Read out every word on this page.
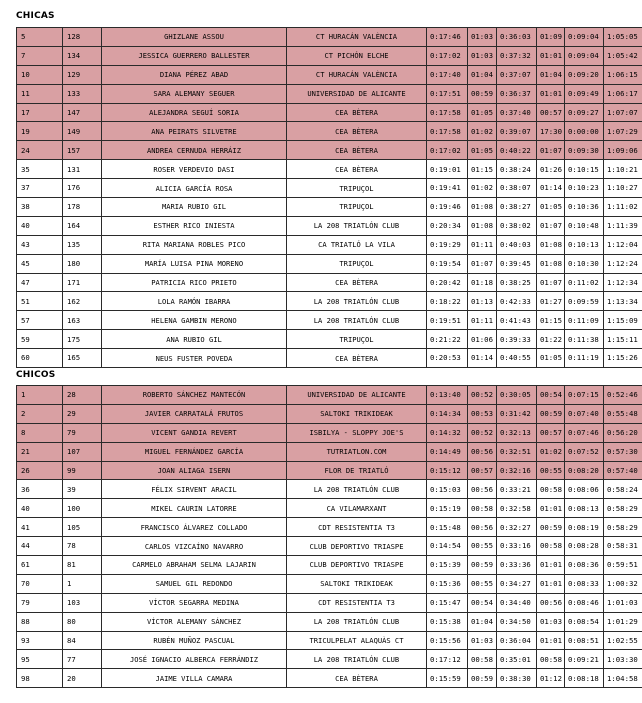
CHICAS
5	128	GHIZLANE ASSOU	CT HURACÁN VALÈNCIA	0:17:46	01:03	0:36:03	01:09	0:09:04	1:05:05
7	134	JESSICA GUERRERO BALLESTER	CT PICHÓN ELCHE	0:17:02	01:03	0:37:32	01:01	0:09:04	1:05:42
10	129	DIANA PÉREZ ABAD	CT HURACÁN VALÈNCIA	0:17:40	01:04	0:37:07	01:04	0:09:20	1:06:15
11	133	SARA ALEMANY SEGUER	UNIVERSIDAD DE ALICANTE	0:17:51	00:59	0:36:37	01:01	0:09:49	1:06:17
17	147	ALEJANDRA SEGUÍ SORIA	CEA BÈTERA	0:17:58	01:05	0:37:40	00:57	0:09:27	1:07:07
19	149	ANA PEIRATS SILVETRE	CEA BÈTERA	0:17:58	01:02	0:39:07	17:30	0:00:00	1:07:29
24	157	ANDREA CERNUDA HERRÁIZ	CEA BÈTERA	0:17:02	01:05	0:40:22	01:07	0:09:30	1:09:06
35	131	ROSER VERDEVIO DASI	CEA BÈTERA	0:19:01	01:15	0:38:24	01:26	0:10:15	1:10:21
37	176	ALICIA GARCÍA ROSA	TRIPUÇOL	0:19:41	01:02	0:38:07	01:14	0:10:23	1:10:27
38	178	MARIA RUBIO GIL	TRIPUÇOL	0:19:46	01:08	0:38:27	01:05	0:10:36	1:11:02
40	164	ESTHER RICO INIESTA	LA 208 TRIATLÓN CLUB	0:20:34	01:08	0:38:02	01:07	0:10:48	1:11:39
43	135	RITA MARIANA ROBLES PICO	CA TRIATLÓ LA VILA	0:19:29	01:11	0:40:03	01:08	0:10:13	1:12:04
45	180	MARÍA LUISA PINA MORENO	TRIPUÇOL	0:19:54	01:07	0:39:45	01:08	0:10:30	1:12:24
47	171	PATRICIA RICO PRIETO	CEA BÈTERA	0:20:42	01:18	0:38:25	01:07	0:11:02	1:12:34
51	162	LOLA RAMÓN IBARRA	LA 208 TRIATLÓN CLUB	0:18:22	01:13	0:42:33	01:27	0:09:59	1:13:34
57	163	HELENA GAMBIN MERONO	LA 208 TRIATLÓN CLUB	0:19:51	01:11	0:41:43	01:15	0:11:09	1:15:09
59	175	ANA RUBIO GIL	TRIPUÇOL	0:21:22	01:06	0:39:33	01:22	0:11:38	1:15:11
60	165	NEUS FUSTER POVEDA	CEA BÈTERA	0:20:53	01:14	0:40:55	01:05	0:11:19	1:15:26
CHICOS
1	28	ROBERTO SÁNCHEZ MANTECÓN	UNIVERSIDAD DE ALICANTE	0:13:40	00:52	0:30:05	00:54	0:07:15	0:52:46
2	29	JAVIER CARRATALÁ FRUTOS	SALTOKI TRIKIDEAK	0:14:34	00:53	0:31:42	00:59	0:07:40	0:55:48
8	79	VICENT GANDIA REVERT	ISBILYA - SLOPPY JOE'S	0:14:32	00:52	0:32:13	00:57	0:07:46	0:56:20
21	107	MIGUEL FERNÁNDEZ GARCÍA	TUTRIATLON.COM	0:14:49	00:56	0:32:51	01:02	0:07:52	0:57:30
26	99	JOAN ALIAGA ISERN	FLOR DE TRIATLÓ	0:15:12	00:57	0:32:16	00:55	0:08:20	0:57:40
36	39	FÉLIX SIRVENT ARACIL	LA 208 TRIATLÓN CLUB	0:15:03	00:56	0:33:21	00:58	0:08:06	0:58:24
40	100	MIKEL CAURIN LATORRE	CA VILAMARXANT	0:15:19	00:58	0:32:58	01:01	0:08:13	0:58:29
41	105	FRANCISCO ÁLVAREZ COLLADO	CDT RESISTENTIA T3	0:15:48	00:56	0:32:27	00:59	0:08:19	0:58:29
44	78	CARLOS VIZCAÍNO NAVARRO	CLUB DEPORTIVO TRIASPE	0:14:54	00:55	0:33:16	00:58	0:08:28	0:58:31
61	81	CARMELO ABRAHAM SELMA LAJARIN	CLUB DEPORTIVO TRIASPE	0:15:39	00:59	0:33:36	01:01	0:08:36	0:59:51
70	1	SAMUEL GIL REDONDO	SALTOKI TRIKIDEAK	0:15:36	00:55	0:34:27	01:01	0:08:33	1:00:32
79	103	VÍCTOR SEGARRA MEDINA	CDT RESISTENTIA T3	0:15:47	00:54	0:34:40	00:56	0:08:46	1:01:03
88	80	VÍCTOR ALEMANY SÁNCHEZ	LA 208 TRIATLÓN CLUB	0:15:38	01:04	0:34:50	01:03	0:08:54	1:01:29
93	84	RUBÉN MUÑOZ PASCUAL	TRICULPELAT ALAQUÀS CT	0:15:56	01:03	0:36:04	01:01	0:08:51	1:02:55
95	77	JOSÉ IGNACIO ALBERCA FERRÁNDIZ	LA 208 TRIATLÓN CLUB	0:17:12	00:58	0:35:01	00:58	0:09:21	1:03:30
98	20	JAIME VILLA CAMARA	CEA BÈTERA	0:15:59	00:59	0:38:30	01:12	0:08:18	1:04:58
